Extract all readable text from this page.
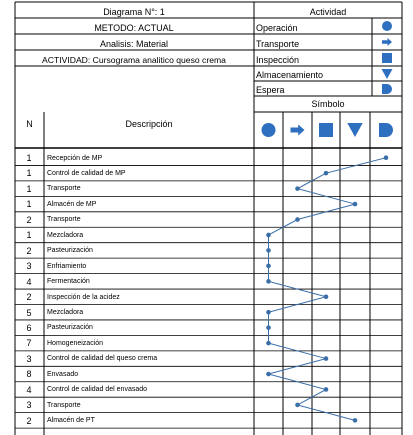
Diagrama N°: 1
METODO: ACTUAL
Analisis: Material
ACTIVIDAD: Cursograma analitico queso crema
Actividad
Operación
Transporte
Inspección
Almacenamiento
Espera
Símbolo
N	Descripción
1	Recepción de MP
1	Control de calidad de MP
1	Transporte
1	Almacén de MP
2	Transporte
1	Mezcladora
2	Pasteurización
3	Enfriamiento
4	Fermentación
2	Inspección de la acidez
5	Mezcladora
6	Pasteurización
7	Homogeneización
3	Control de calidad del queso crema
8	Envasado
4	Control de calidad del envasado
3	Transporte
2	Almacén de PT
